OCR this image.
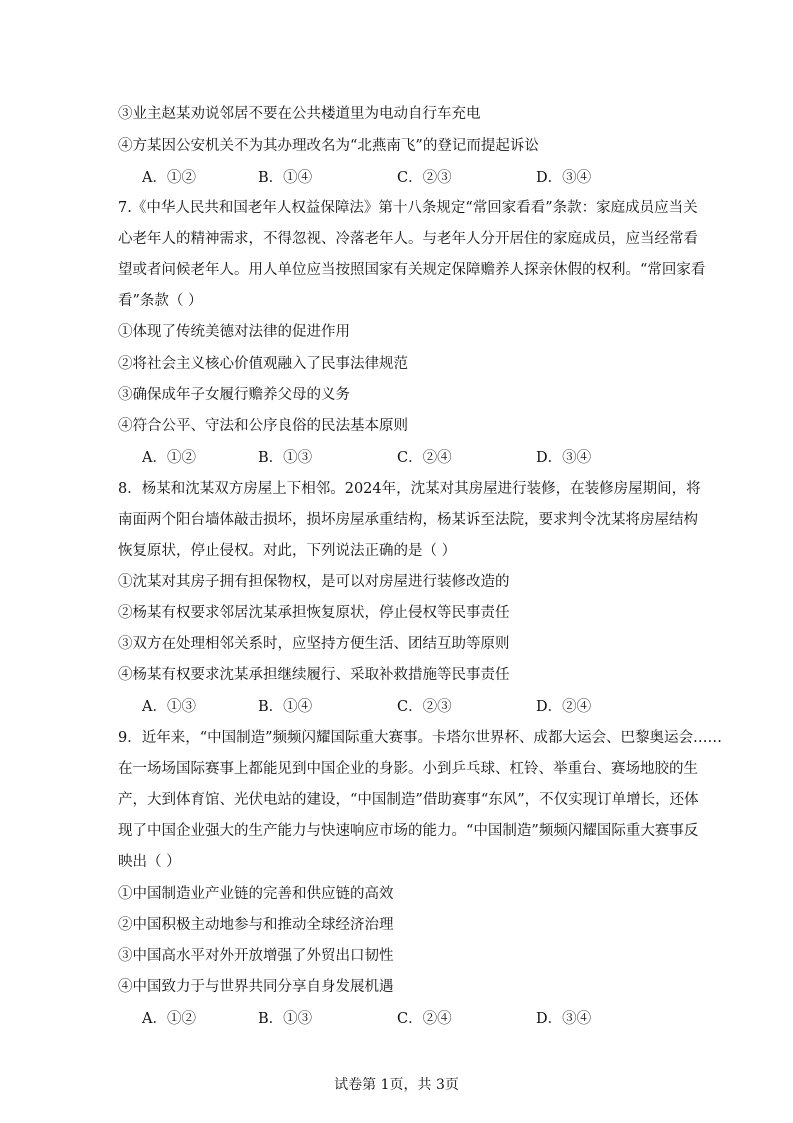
③业主赵某劝说邻居不要在公共楼道里为电动自行车充电
④方某因公安机关不为其办理改名为“北燕南飞”的登记而提起诉讼
A．①②	B．①④	C．②③	D．③④
7.《中华人民共和国老年人权益保障法》第十八条规定“常回家看看”条款：家庭成员应当关
心老年人的精神需求，不得忽视、冷落老年人。与老年人分开居住的家庭成员，应当经常看
望或者问候老年人。用人单位应当按照国家有关规定保障赡养人探亲休假的权利。“常回家看
看”条款（ ）
①体现了传统美德对法律的促进作用
②将社会主义核心价值观融入了民事法律规范
③确保成年子女履行赡养父母的义务
④符合公平、守法和公序良俗的民法基本原则
A．①②	B．①③	C．②④	D．③④
8．杨某和沈某双方房屋上下相邻。2024年，沈某对其房屋进行装修，在装修房屋期间，将
南面两个阳台墙体敲击损坏，损坏房屋承重结构，杨某诉至法院，要求判令沈某将房屋结构
恢复原状，停止侵权。对此，下列说法正确的是（ ）
①沈某对其房子拥有担保物权，是可以对房屋进行装修改造的
②杨某有权要求邻居沈某承担恢复原状，停止侵权等民事责任
③双方在处理相邻关系时，应坚持方便生活、团结互助等原则
④杨某有权要求沈某承担继续履行、采取补救措施等民事责任
A．①③	B．①④	C．②③	D．②④
9．近年来，“中国制造”频频闪耀国际重大赛事。卡塔尔世界杯、成都大运会、巴黎奥运会……
在一场场国际赛事上都能见到中国企业的身影。小到乒乓球、杠铃、举重台、赛场地胶的生
产，大到体育馆、光伏电站的建设，“中国制造”借助赛事“东风”，不仅实现订单增长，还体
现了中国企业强大的生产能力与快速响应市场的能力。“中国制造”频频闪耀国际重大赛事反
映出（ ）
①中国制造业产业链的完善和供应链的高效
②中国积极主动地参与和推动全球经济治理
③中国高水平对外开放增强了外贸出口韧性
④中国致力于与世界共同分享自身发展机遇
A．①②	B．①③	C．②④	D．③④
试卷第 1页，共 3页
